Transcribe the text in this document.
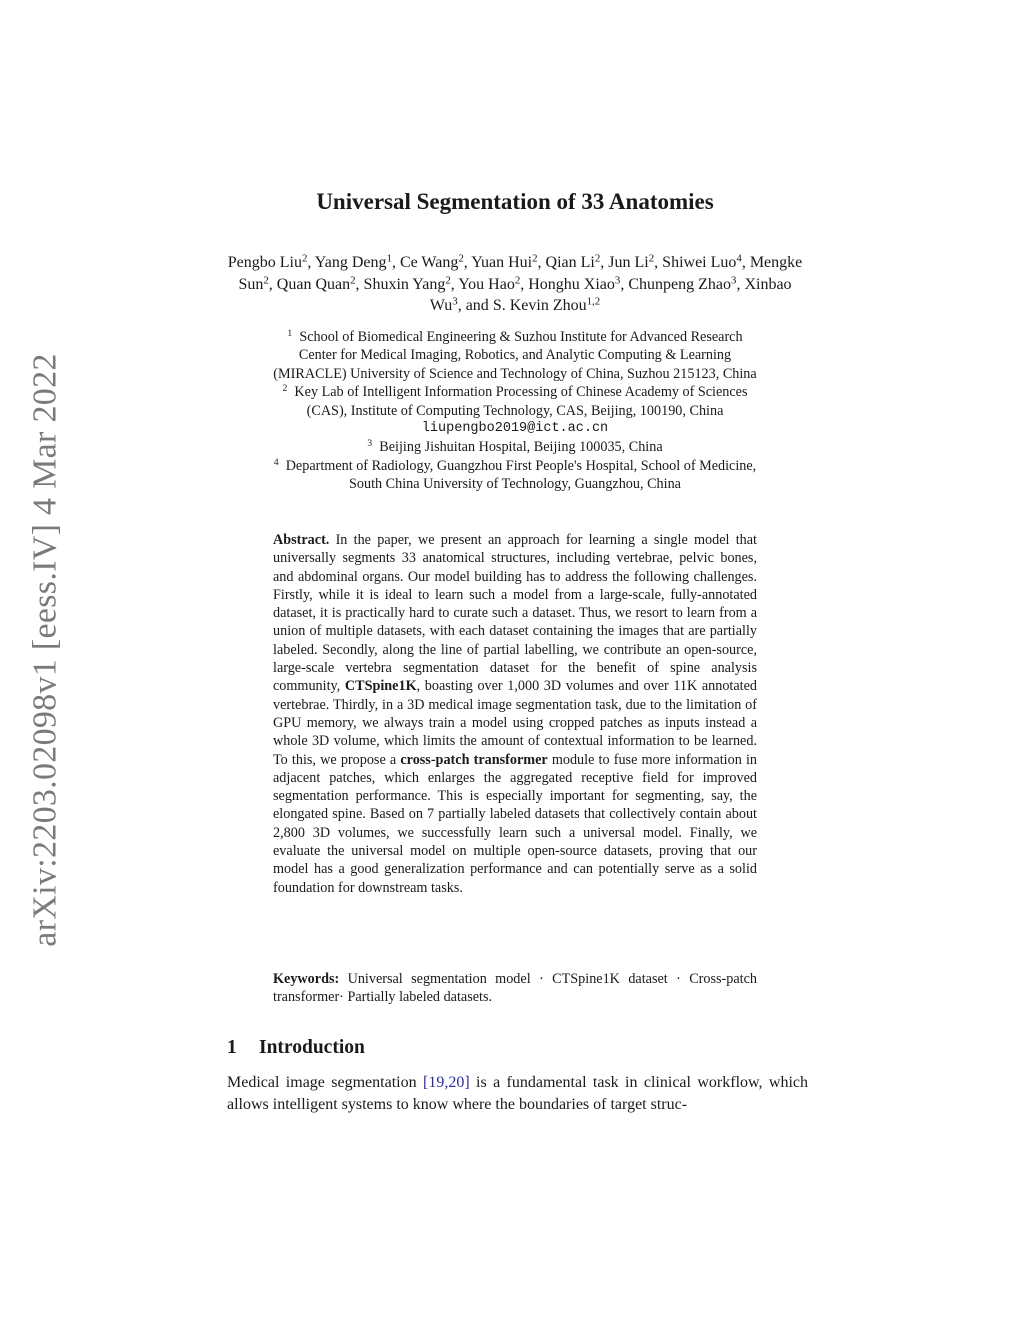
arXiv:2203.02098v1 [eess.IV] 4 Mar 2022
Universal Segmentation of 33 Anatomies
Pengbo Liu$^2$, Yang Deng$^1$, Ce Wang$^2$, Yuan Hui$^2$, Qian Li$^2$, Jun Li$^2$, Shiwei Luo$^4$, Mengke Sun$^2$, Quan Quan$^2$, Shuxin Yang$^2$, You Hao$^2$, Honghu Xiao$^3$, Chunpeng Zhao$^3$, Xinbao Wu$^3$, and S. Kevin Zhou$^{1,2}$
$^1$ School of Biomedical Engineering & Suzhou Institute for Advanced Research
Center for Medical Imaging, Robotics, and Analytic Computing & Learning
(MIRACLE) University of Science and Technology of China, Suzhou 215123, China
$^2$ Key Lab of Intelligent Information Processing of Chinese Academy of Sciences
(CAS), Institute of Computing Technology, CAS, Beijing, 100190, China
liupengbo2019@ict.ac.cn
$^3$ Beijing Jishuitan Hospital, Beijing 100035, China
$^4$ Department of Radiology, Guangzhou First People's Hospital, School of Medicine,
South China University of Technology, Guangzhou, China

Abstract. In the paper, we present an approach for learning a single model that universally segments 33 anatomical structures, including vertebrae, pelvic bones, and abdominal organs. Our model building has to address the following challenges. Firstly, while it is ideal to learn such a model from a large-scale, fully-annotated dataset, it is practically hard to curate such a dataset. Thus, we resort to learn from a union of multiple datasets, with each dataset containing the images that are partially labeled. Secondly, along the line of partial labelling, we contribute an open-source, large-scale vertebra segmentation dataset for the benefit of spine analysis community, CTSpine1K, boasting over 1,000 3D volumes and over 11K annotated vertebrae. Thirdly, in a 3D medical image segmentation task, due to the limitation of GPU memory, we always train a model using cropped patches as inputs instead a whole 3D volume, which limits the amount of contextual information to be learned. To this, we propose a cross-patch transformer module to fuse more information in adjacent patches, which enlarges the aggregated receptive field for improved segmentation performance. This is especially important for segmenting, say, the elongated spine. Based on 7 partially labeled datasets that collectively contain about 2,800 3D volumes, we successfully learn such a universal model. Finally, we evaluate the universal model on multiple open-source datasets, proving that our model has a good generalization performance and can potentially serve as a solid foundation for downstream tasks.

Keywords: Universal segmentation model · CTSpine1K dataset · Cross-patch transformer· Partially labeled datasets.

1 Introduction

Medical image segmentation [19,20] is a fundamental task in clinical workflow, which allows intelligent systems to know where the boundaries of target struc-
